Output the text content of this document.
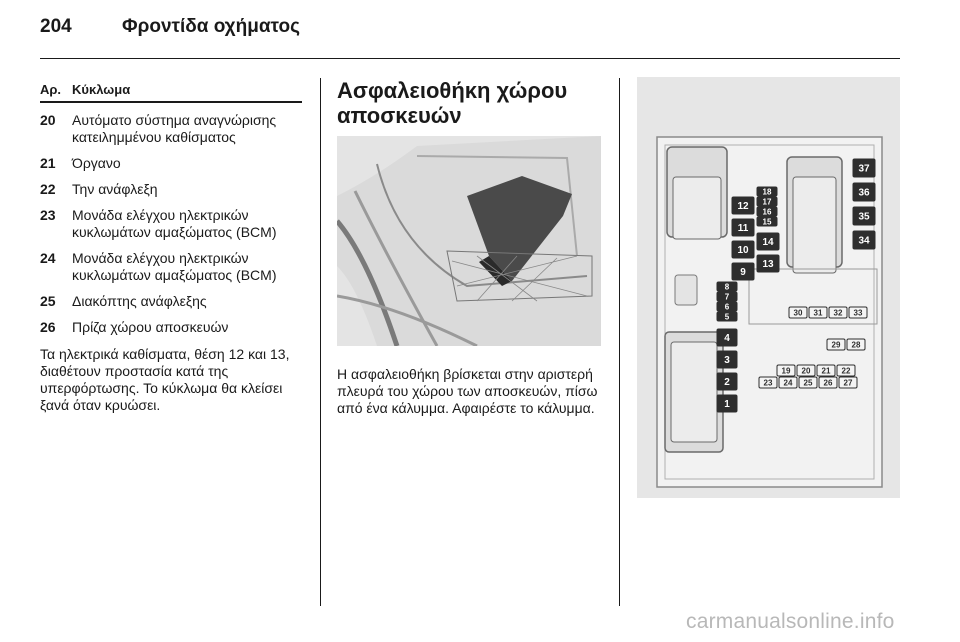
204	Φροντίδα οχήματος
Αρ. Κύκλωμα
20	Αυτόματο σύστημα αναγνώρισης κατειλημμένου καθίσματος
21	Όργανο
22	Την ανάφλεξη
23	Μονάδα ελέγχου ηλεκτρικών κυκλωμάτων αμαξώματος (BCM)
24	Μονάδα ελέγχου ηλεκτρικών κυκλωμάτων αμαξώματος (BCM)
25	Διακόπτης ανάφλεξης
26	Πρίζα χώρου αποσκευών

Τα ηλεκτρικά καθίσματα, θέση 12 και 13, διαθέτουν προστασία κατά της υπερφόρτωσης. Το κύκλωμα θα κλείσει ξανά όταν κρυώσει.

Ασφαλειοθήκη χώρου αποσκευών

Η ασφαλειοθήκη βρίσκεται στην αριστερή πλευρά του χώρου των αποσκευών, πίσω από ένα κάλυμμα. Αφαιρέστε το κάλυμμα.

18
17
16
15
12
11
10
14
9
13
37
36
35
34
8
7
6
5
4
3
2
1
30 31 32 33
29 28
19 20 21 22
23 24 25 26 27
carmanualsonline.info
